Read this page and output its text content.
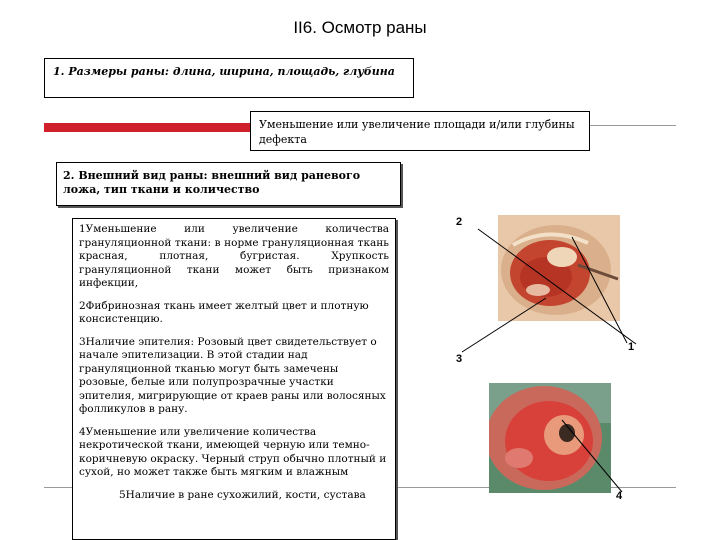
II6. Осмотр раны
1. Размеры раны: длина, ширина, площадь, глубина
Уменьшение или увеличение площади и/или глубины дефекта
2. Внешний вид раны: внешний вид раневого ложа, тип ткани и количество

1Уменьшение или увеличение количества грануляционной ткани: в норме грануляционная ткань красная, плотная, бугристая. Хрупкость грануляционной ткани может быть признаком инфекции,

2Фибринозная ткань имеет желтый цвет и плотную консистенцию.

3Наличие эпителия: Розовый цвет свидетельствует о начале эпителизации. В этой стадии над грануляционной тканью могут быть замечены розовые, белые или полупрозрачные участки эпителия, мигрирующие от краев раны или волосяных фолликулов в рану.

4Уменьшение или увеличение количества некротической ткани, имеющей черную или темно-коричневую окраску. Черный струп обычно плотный и сухой, но может также быть мягким и влажным

5Наличие в ране сухожилий, кости, сустава

2
1
3
4
